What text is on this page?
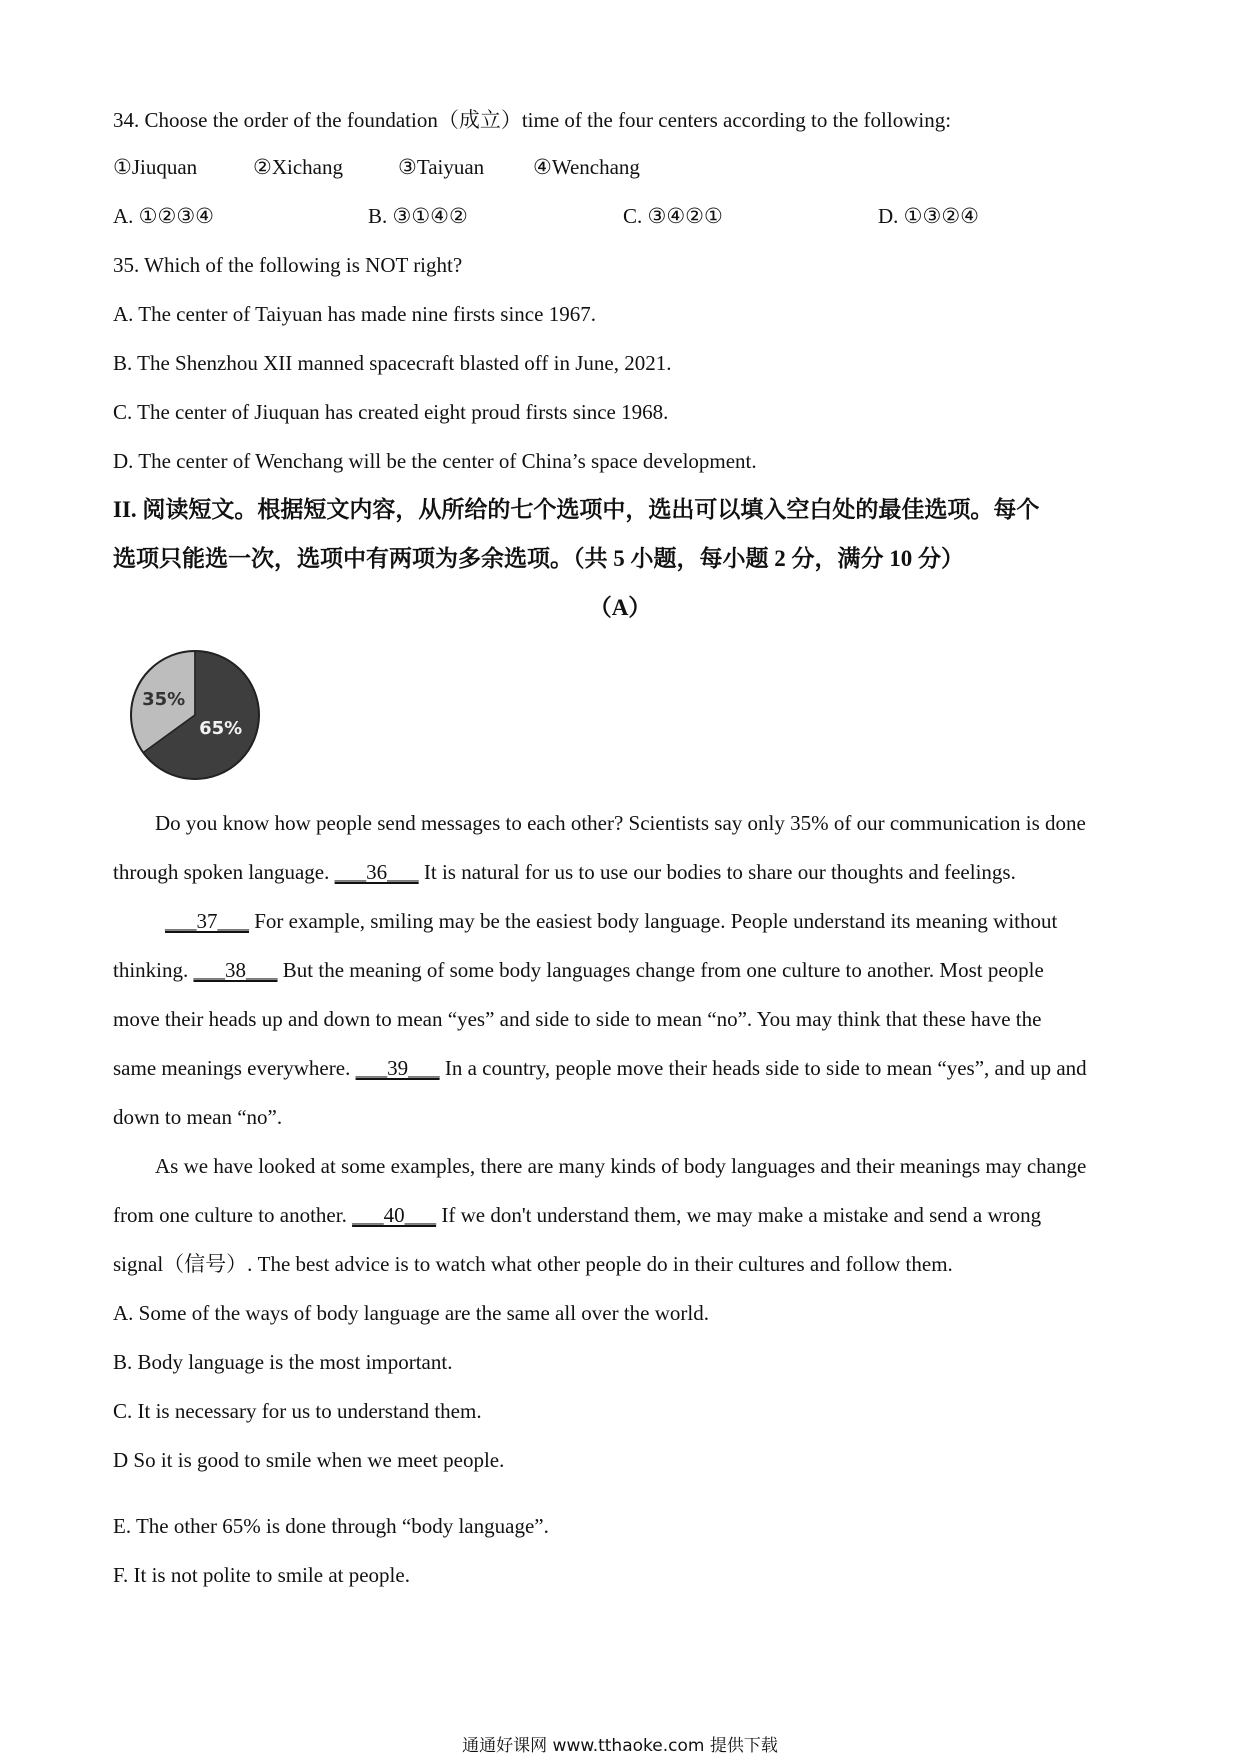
34. Choose the order of the foundation（成立）time of the four centers according to the following:
①Jiuquan	②Xichang	③Taiyuan ④Wenchang
A. ①②③④	B. ③①④②	C. ③④②①	D. ①③②④
35. Which of the following is NOT right?
A. The center of Taiyuan has made nine firsts since 1967.
B. The Shenzhou XII manned spacecraft blasted off in June, 2021.
C. The center of Jiuquan has created eight proud firsts since 1968.
D. The center of Wenchang will be the center of China’s space development.
II. 阅读短文。根据短文内容，从所给的七个选项中，选出可以填入空白处的最佳选项。每个
选项只能选一次，选项中有两项为多余选项。（共 5 小题，每小题 2 分，满分 10 分）
（A）
35%
65%
Do you know how people send messages to each other? Scientists say only 35% of our communication is done
through spoken language. ___36___ It is natural for us to use our bodies to share our thoughts and feelings.
___37___ For example, smiling may be the easiest body language. People understand its meaning without
thinking. ___38___ But the meaning of some body languages change from one culture to another. Most people
move their heads up and down to mean “yes” and side to side to mean “no”. You may think that these have the
same meanings everywhere. ___39___ In a country, people move their heads side to side to mean “yes”, and up and
down to mean “no”.
As we have looked at some examples, there are many kinds of body languages and their meanings may change
from one culture to another. ___40___ If we don't understand them, we may make a mistake and send a wrong
signal（信号）. The best advice is to watch what other people do in their cultures and follow them.
A. Some of the ways of body language are the same all over the world.
B. Body language is the most important.
C. It is necessary for us to understand them.
D So it is good to smile when we meet people.
E. The other 65% is done through “body language”.
F. It is not polite to smile at people.
通通好课网 www.tthaoke.com 提供下载
